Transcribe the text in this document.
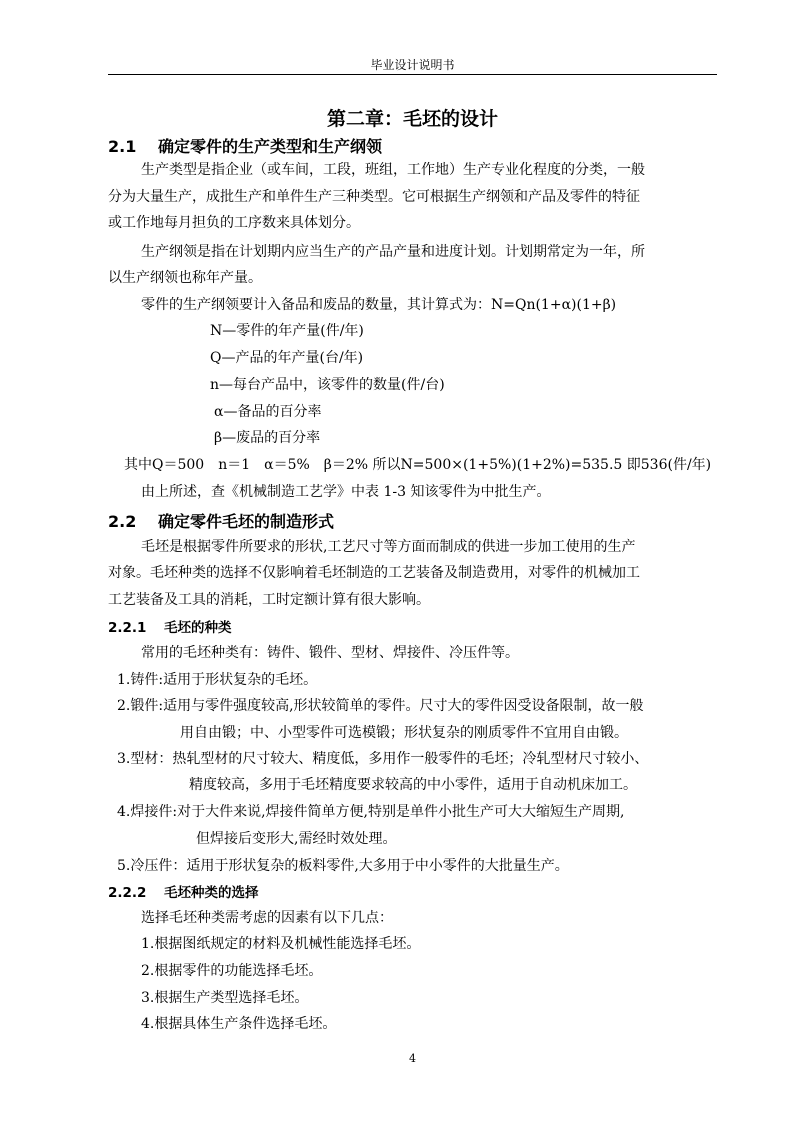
毕业设计说明书
第二章：毛坯的设计
2.1 确定零件的生产类型和生产纲领
生产类型是指企业（或车间，工段，班组，工作地）生产专业化程度的分类，一般
分为大量生产，成批生产和单件生产三种类型。它可根据生产纲领和产品及零件的特征
或工作地每月担负的工序数来具体划分。
生产纲领是指在计划期内应当生产的产品产量和进度计划。计划期常定为一年，所
以生产纲领也称年产量。
零件的生产纲领要计入备品和废品的数量，其计算式为：N=Qn(1+α)(1+β)
N—零件的年产量(件/年)
Q—产品的年产量(台/年)
n—每台产品中，该零件的数量(件/台)
α—备品的百分率
β—废品的百分率
其中Q＝500　n＝1　α＝5%　β＝2% 所以N=500×(1+5%)(1+2%)=535.5 即536(件/年)
由上所述，查《机械制造工艺学》中表 1-3 知该零件为中批生产。
2.2 确定零件毛坯的制造形式
毛坯是根据零件所要求的形状,工艺尺寸等方面而制成的供进一步加工使用的生产
对象。毛坯种类的选择不仅影响着毛坯制造的工艺装备及制造费用，对零件的机械加工
工艺装备及工具的消耗，工时定额计算有很大影响。
2.2.1 毛坯的种类
常用的毛坯种类有：铸件、锻件、型材、焊接件、冷压件等。
1.铸件:适用于形状复杂的毛坯。
2.锻件:适用与零件强度较高,形状较简单的零件。尺寸大的零件因受设备限制，故一般
用自由锻；中、小型零件可选模锻；形状复杂的刚质零件不宜用自由锻。
3.型材：热轧型材的尺寸较大、精度低，多用作一般零件的毛坯；冷轧型材尺寸较小、
精度较高，多用于毛坯精度要求较高的中小零件，适用于自动机床加工。
4.焊接件:对于大件来说,焊接件简单方便,特别是单件小批生产可大大缩短生产周期,
但焊接后变形大,需经时效处理。
5.冷压件：适用于形状复杂的板料零件,大多用于中小零件的大批量生产。
2.2.2 毛坯种类的选择
选择毛坯种类需考虑的因素有以下几点：
1.根据图纸规定的材料及机械性能选择毛坯。
2.根据零件的功能选择毛坯。
3.根据生产类型选择毛坯。
4.根据具体生产条件选择毛坯。
4
